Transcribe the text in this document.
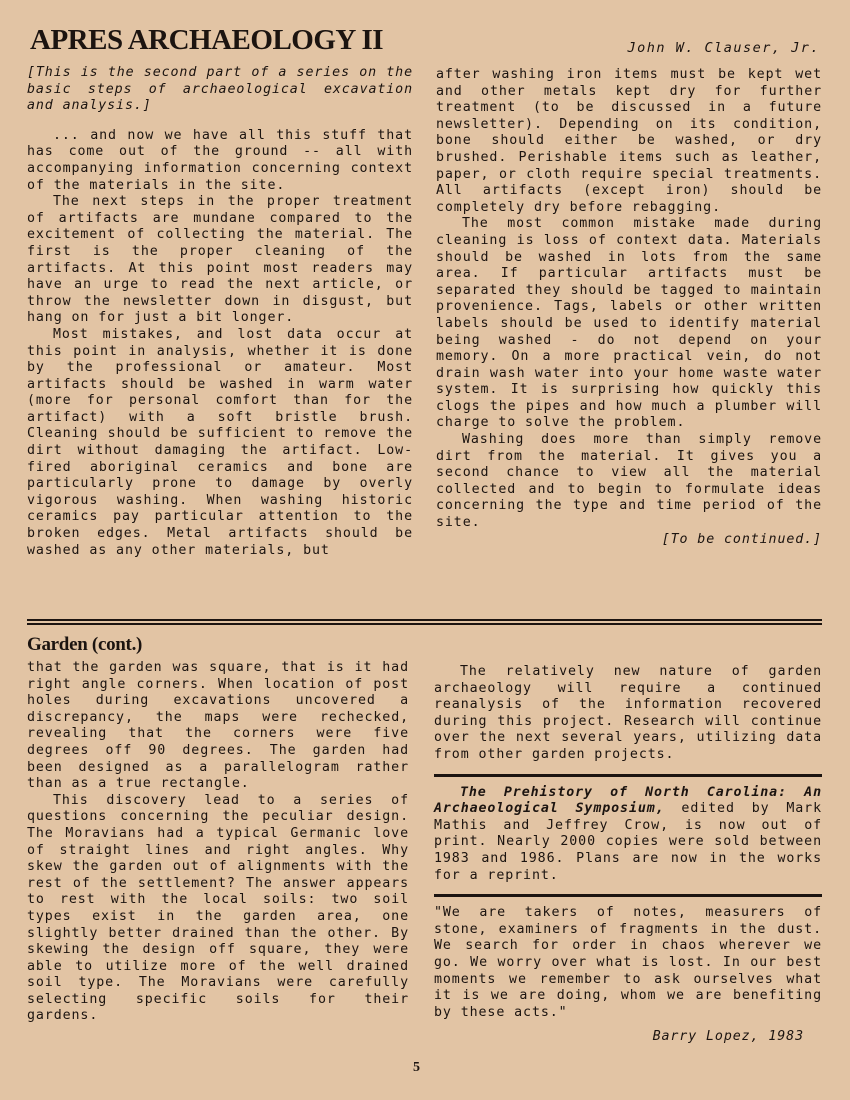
APRES ARCHAEOLOGY II	John W. Clauser, Jr.

[This is the second part of a series on the basic steps of archaeological excavation and analysis.]

... and now we have all this stuff that has come out of the ground -- all with accompanying information concerning context of the materials in the site.

The next steps in the proper treatment of artifacts are mundane compared to the excitement of collecting the material. The first is the proper cleaning of the artifacts. At this point most readers may have an urge to read the next article, or throw the newsletter down in disgust, but hang on for just a bit longer.

Most mistakes, and lost data occur at this point in analysis, whether it is done by the professional or amateur. Most artifacts should be washed in warm water (more for personal comfort than for the artifact) with a soft bristle brush. Cleaning should be sufficient to remove the dirt without damaging the artifact. Low-fired aboriginal ceramics and bone are particularly prone to damage by overly vigorous washing. When washing historic ceramics pay particular attention to the broken edges. Metal artifacts should be washed as any other materials, but

after washing iron items must be kept wet and other metals kept dry for further treatment (to be discussed in a future newsletter). Depending on its condition, bone should either be washed, or dry brushed. Perishable items such as leather, paper, or cloth require special treatments. All artifacts (except iron) should be completely dry before rebagging.

The most common mistake made during cleaning is loss of context data. Materials should be washed in lots from the same area. If particular artifacts must be separated they should be tagged to maintain provenience. Tags, labels or other written labels should be used to identify material being washed - do not depend on your memory. On a more practical vein, do not drain wash water into your home waste water system. It is surprising how quickly this clogs the pipes and how much a plumber will charge to solve the problem.

Washing does more than simply remove dirt from the material. It gives you a second chance to view all the material collected and to begin to formulate ideas concerning the type and time period of the site.

[To be continued.]

Garden (cont.)

that the garden was square, that is it had right angle corners. When location of post holes during excavations uncovered a discrepancy, the maps were rechecked, revealing that the corners were five degrees off 90 degrees. The garden had been designed as a parallelogram rather than as a true rectangle.

This discovery lead to a series of questions concerning the peculiar design. The Moravians had a typical Germanic love of straight lines and right angles. Why skew the garden out of alignments with the rest of the settlement? The answer appears to rest with the local soils: two soil types exist in the garden area, one slightly better drained than the other. By skewing the design off square, they were able to utilize more of the well drained soil type. The Moravians were carefully selecting specific soils for their gardens.

The relatively new nature of garden archaeology will require a continued reanalysis of the information recovered during this project. Research will continue over the next several years, utilizing data from other garden projects.

The Prehistory of North Carolina: An Archaeological Symposium, edited by Mark Mathis and Jeffrey Crow, is now out of print. Nearly 2000 copies were sold between 1983 and 1986. Plans are now in the works for a reprint.

"We are takers of notes, measurers of stone, examiners of fragments in the dust. We search for order in chaos wherever we go. We worry over what is lost. In our best moments we remember to ask ourselves what it is we are doing, whom we are benefiting by these acts."

Barry Lopez, 1983

5
